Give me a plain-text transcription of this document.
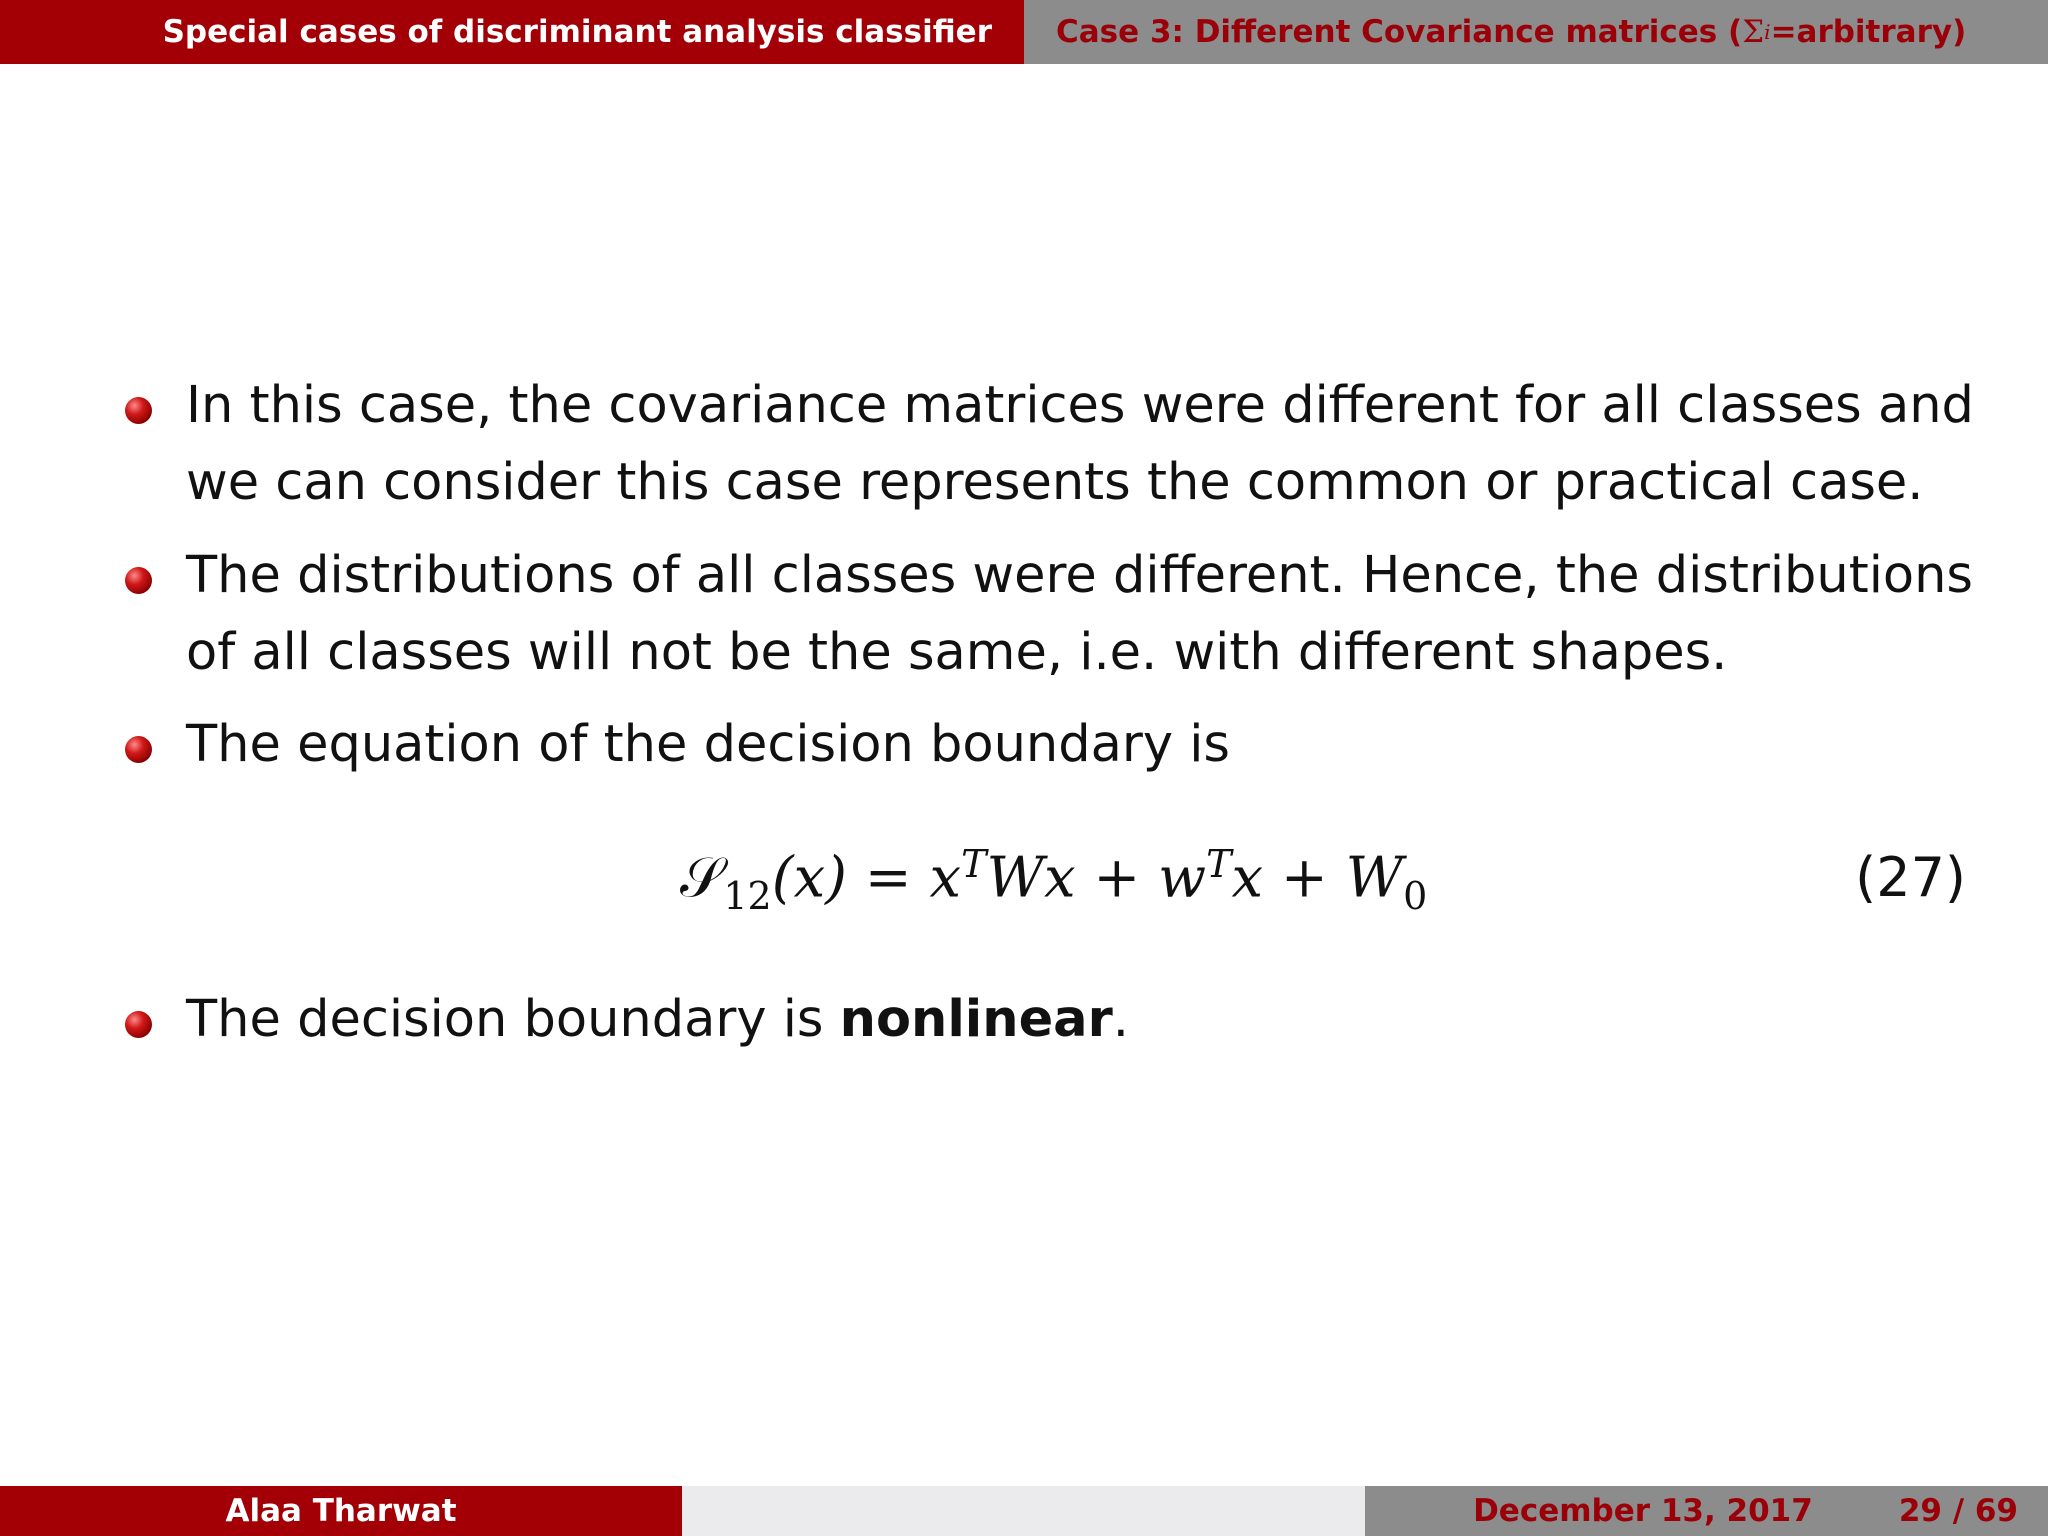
Special cases of discriminant analysis classifier Case 3: Different Covariance matrices ( Σ i =arbitrary)
In this case, the covariance matrices were different for all classes and
we can consider this case represents the common or practical case.
The distributions of all classes were different. Hence, the distributions
of all classes will not be the same, i.e. with different shapes.
The equation of the decision boundary is
𝒮$_{12}$(x) = $x^TWx + w^Tx + W_0$	(27)
The decision boundary is nonlinear.
Alaa Tharwat	December 13, 2017	29 / 69
